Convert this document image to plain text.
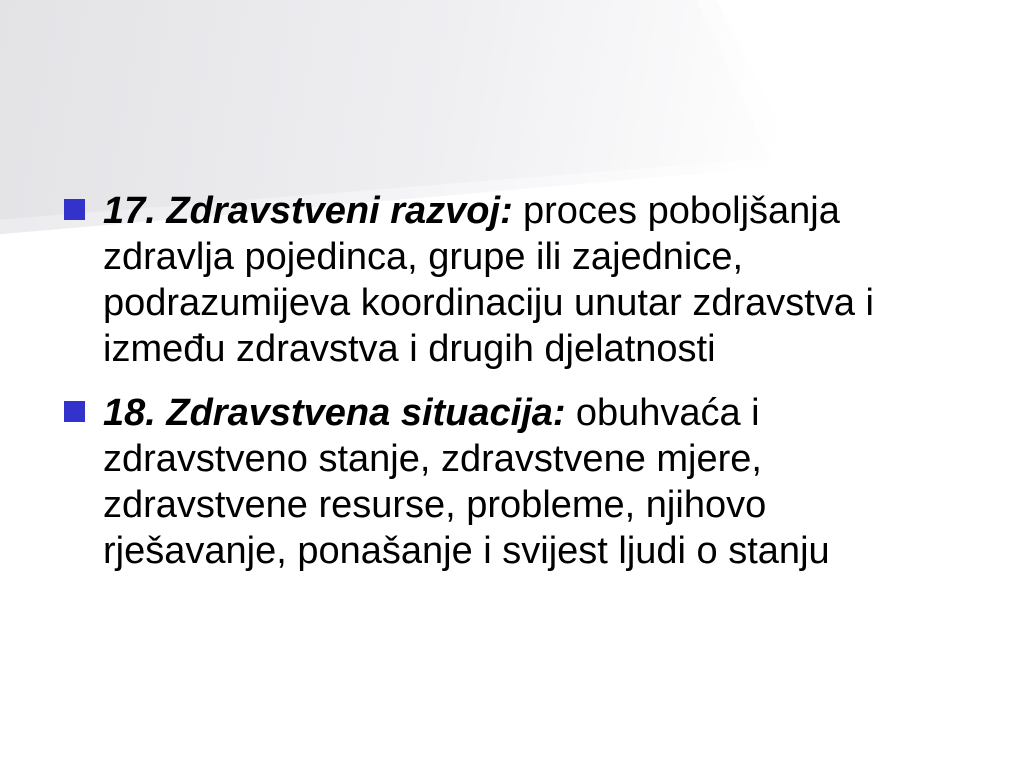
17. Zdravstveni razvoj: proces poboljšanja
zdravlja pojedinca, grupe ili zajednice,
podrazumijeva koordinaciju unutar zdravstva i
između zdravstva i drugih djelatnosti
18. Zdravstvena situacija: obuhvaća i
zdravstveno stanje, zdravstvene mjere,
zdravstvene resurse, probleme, njihovo
rješavanje, ponašanje i svijest ljudi o stanju
